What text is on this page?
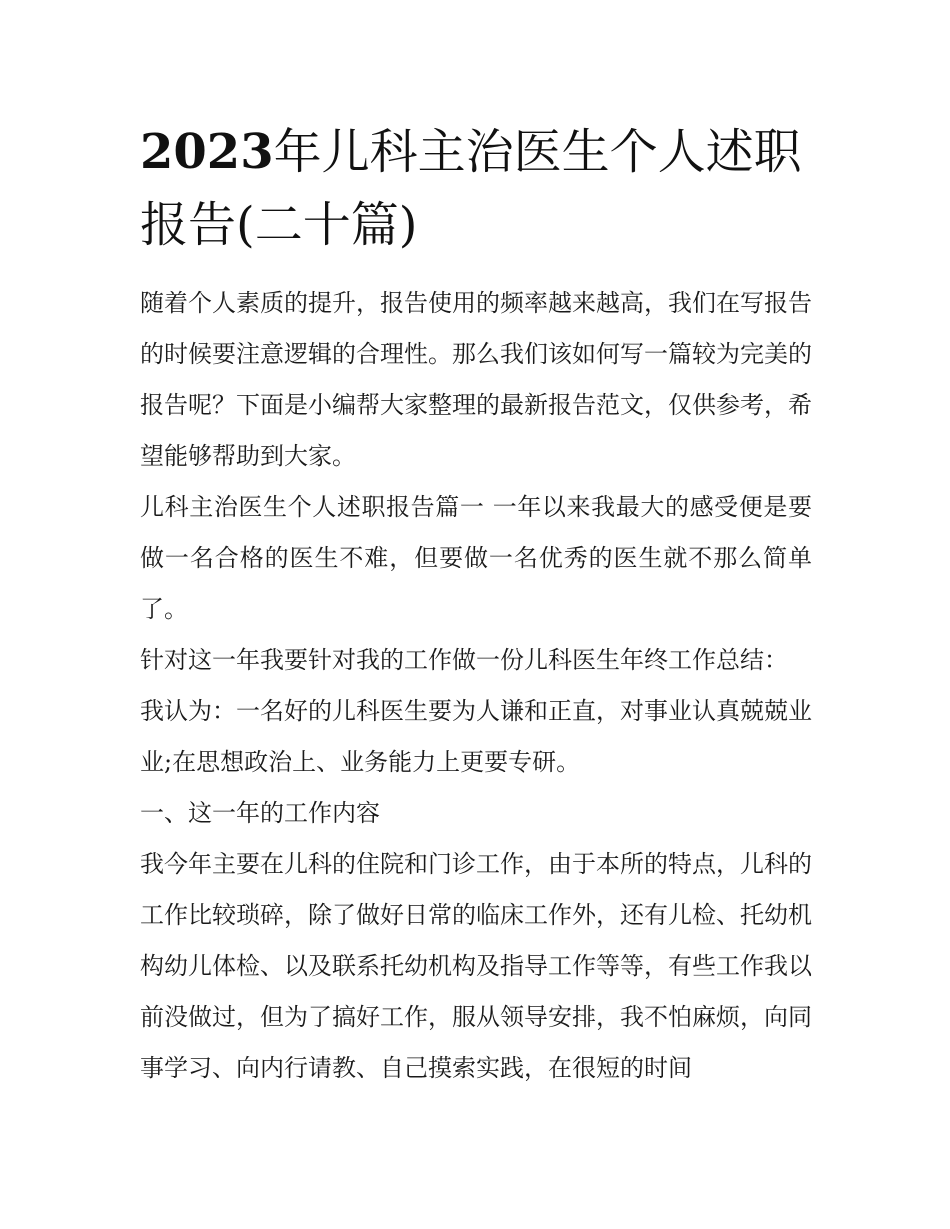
2023年儿科主治医生个人述职报告(二十篇)

随着个人素质的提升，报告使用的频率越来越高，我们在写报告的时候要注意逻辑的合理性。那么我们该如何写一篇较为完美的报告呢？下面是小编帮大家整理的最新报告范文，仅供参考，希望能够帮助到大家。

儿科主治医生个人述职报告篇一 一年以来我最大的感受便是要做一名合格的医生不难，但要做一名优秀的医生就不那么简单了。

针对这一年我要针对我的工作做一份儿科医生年终工作总结：

我认为：一名好的儿科医生要为人谦和正直，对事业认真兢兢业业;在思想政治上、业务能力上更要专研。

一、这一年的工作内容

我今年主要在儿科的住院和门诊工作，由于本所的特点，儿科的工作比较琐碎，除了做好日常的临床工作外，还有儿检、托幼机构幼儿体检、以及联系托幼机构及指导工作等等，有些工作我以前没做过，但为了搞好工作，服从领导安排，我不怕麻烦，向同事学习、向内行请教、自己摸索实践，在很短的时间
